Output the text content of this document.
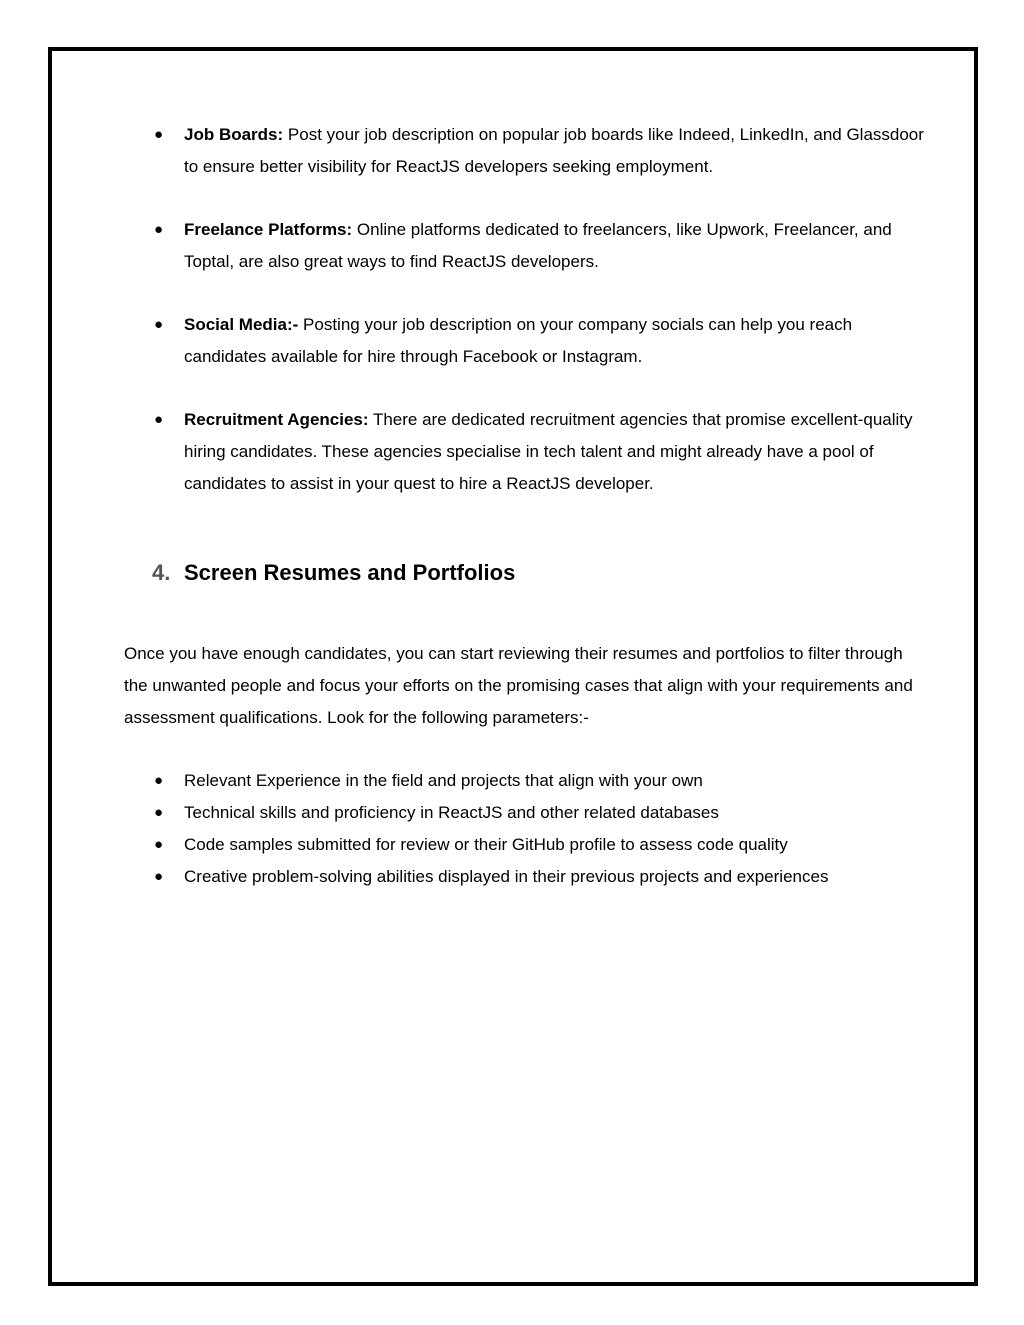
● Job Boards: Post your job description on popular job boards like Indeed, LinkedIn, and Glassdoor to ensure better visibility for ReactJS developers seeking employment.
● Freelance Platforms: Online platforms dedicated to freelancers, like Upwork, Freelancer, and Toptal, are also great ways to find ReactJS developers.
● Social Media:- Posting your job description on your company socials can help you reach candidates available for hire through Facebook or Instagram.
● Recruitment Agencies: There are dedicated recruitment agencies that promise excellent-quality hiring candidates. These agencies specialise in tech talent and might already have a pool of candidates to assist in your quest to hire a ReactJS developer.
4. Screen Resumes and Portfolios

Once you have enough candidates, you can start reviewing their resumes and portfolios to filter through the unwanted people and focus your efforts on the promising cases that align with your requirements and assessment qualifications. Look for the following parameters:-

● Relevant Experience in the field and projects that align with your own
● Technical skills and proficiency in ReactJS and other related databases
● Code samples submitted for review or their GitHub profile to assess code quality
● Creative problem-solving abilities displayed in their previous projects and experiences
